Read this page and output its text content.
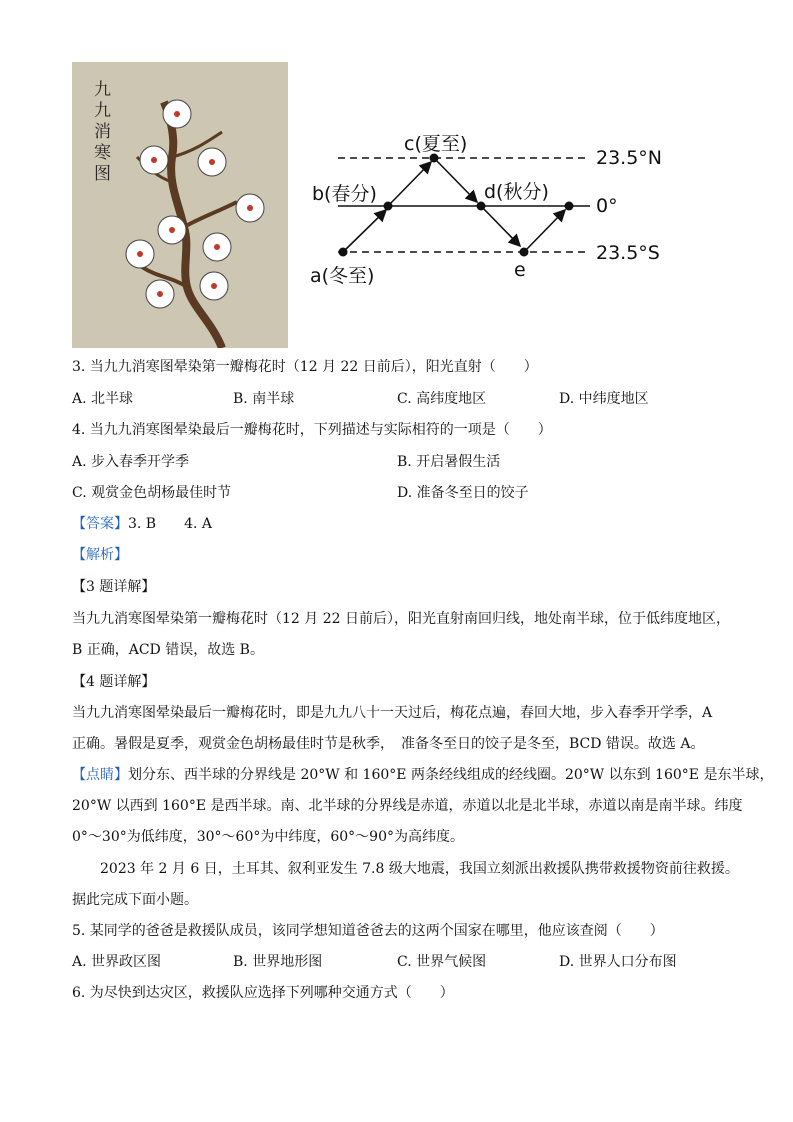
九九消寒图
c(夏至)
b(春分)	d(秋分)
a(冬至)	e
23.5°N
0°
23.5°S
3. 当九九消寒图晕染第一瓣梅花时（12 月 22 日前后），阳光直射（　　）
A. 北半球	B. 南半球	C. 高纬度地区	D. 中纬度地区
4. 当九九消寒图晕染最后一瓣梅花时，下列描述与实际相符的一项是（　　）
A. 步入春季开学季	B. 开启暑假生活
C. 观赏金色胡杨最佳时节	D. 准备冬至日的饺子
【答案】3. B　　4. A
【解析】
【3 题详解】
当九九消寒图晕染第一瓣梅花时（12 月 22 日前后），阳光直射南回归线，地处南半球，位于低纬度地区，
B 正确，ACD 错误，故选 B。
【4 题详解】
当九九消寒图晕染最后一瓣梅花时，即是九九八十一天过后，梅花点遍，春回大地，步入春季开学季，A
正确。暑假是夏季，观赏金色胡杨最佳时节是秋季，　准备冬至日的饺子是冬至，BCD 错误。故选 A。
【点睛】划分东、西半球的分界线是 20°W 和 160°E 两条经线组成的经线圈。20°W 以东到 160°E 是东半球，
20°W 以西到 160°E 是西半球。南、北半球的分界线是赤道，赤道以北是北半球，赤道以南是南半球。纬度
0°～30°为低纬度，30°～60°为中纬度，60°～90°为高纬度。
　　2023 年 2 月 6 日，土耳其、叙利亚发生 7.8 级大地震，我国立刻派出救援队携带救援物资前往救援。
据此完成下面小题。
5. 某同学的爸爸是救援队成员，该同学想知道爸爸去的这两个国家在哪里，他应该查阅（　　）
A. 世界政区图	B. 世界地形图	C. 世界气候图	D. 世界人口分布图
6. 为尽快到达灾区，救援队应选择下列哪种交通方式（　　）
